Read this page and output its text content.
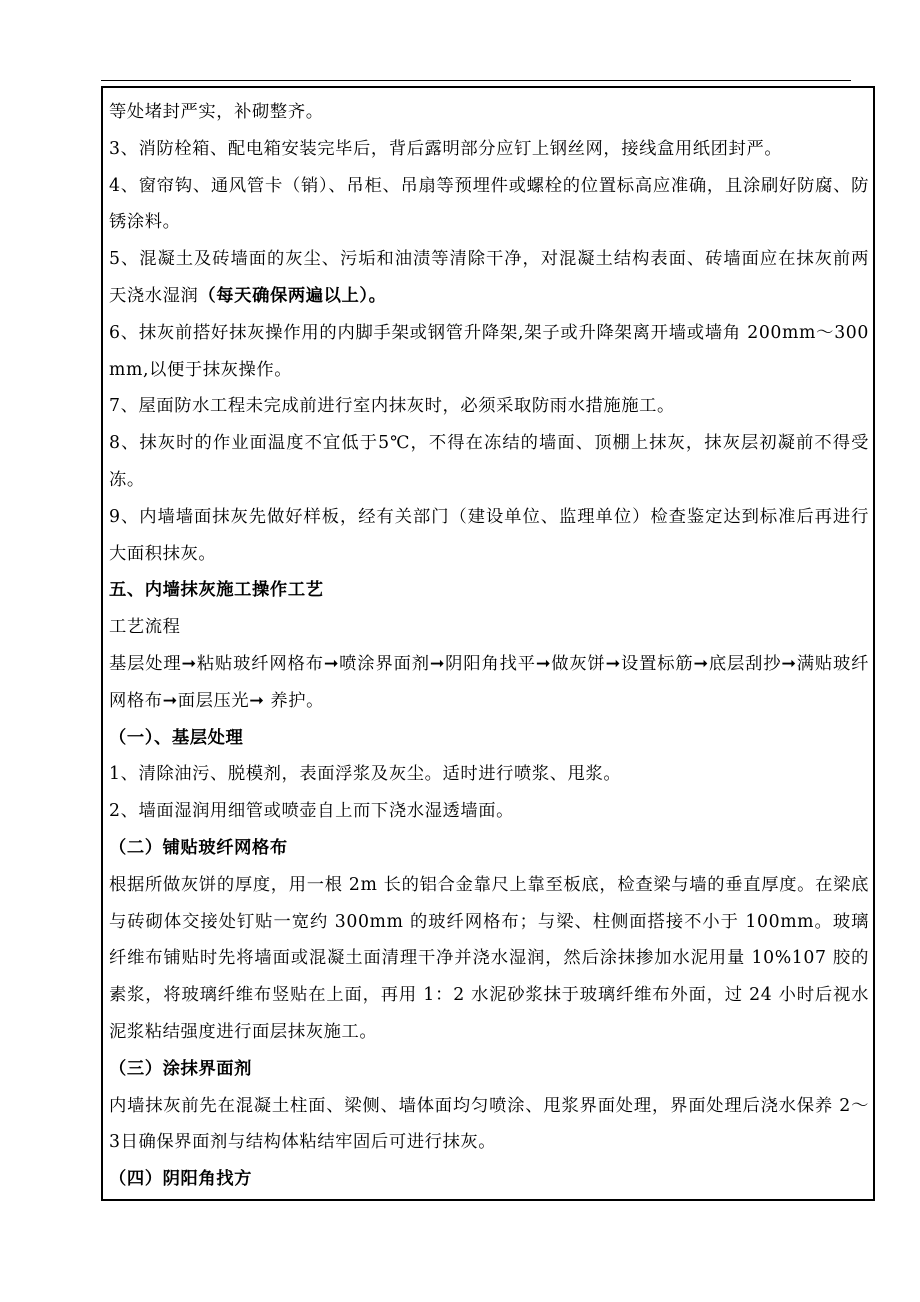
等处堵封严实，补砌整齐。

3、消防栓箱、配电箱安装完毕后，背后露明部分应钉上钢丝网，接线盒用纸团封严。

4、窗帘钩、通风管卡（销）、吊柜、吊扇等预埋件或螺栓的位置标高应准确，且涂刷好防腐、防锈涂料。

5、混凝土及砖墙面的灰尘、污垢和油渍等清除干净，对混凝土结构表面、砖墙面应在抹灰前两天浇水湿润（每天确保两遍以上）。

6、抹灰前搭好抹灰操作用的内脚手架或钢管升降架,架子或升降架离开墙或墙角 200mm～300mm,以便于抹灰操作。

7、屋面防水工程未完成前进行室内抹灰时，必须采取防雨水措施施工。

8、抹灰时的作业面温度不宜低于5℃，不得在冻结的墙面、顶棚上抹灰，抹灰层初凝前不得受冻。

9、内墙墙面抹灰先做好样板，经有关部门（建设单位、监理单位）检查鉴定达到标准后再进行大面积抹灰。

五、内墙抹灰施工操作工艺

工艺流程

基层处理➞粘贴玻纤网格布➞喷涂界面剂➞阴阳角找平➞做灰饼➞设置标筋➞底层刮抄➞满贴玻纤网格布➞面层压光➞ 养护。

（一）、基层处理

1、清除油污、脱模剂，表面浮浆及灰尘。适时进行喷浆、甩浆。

2、墙面湿润用细管或喷壶自上而下浇水湿透墙面。

（二）铺贴玻纤网格布

根据所做灰饼的厚度，用一根 2m 长的铝合金靠尺上靠至板底，检查梁与墙的垂直厚度。在梁底与砖砌体交接处钉贴一宽约 300mm 的玻纤网格布；与梁、柱侧面搭接不小于 100mm。玻璃纤维布铺贴时先将墙面或混凝土面清理干净并浇水湿润，然后涂抹掺加水泥用量 10%107 胶的素浆，将玻璃纤维布竖贴在上面，再用 1：2 水泥砂浆抹于玻璃纤维布外面，过 24 小时后视水泥浆粘结强度进行面层抹灰施工。

（三）涂抹界面剂

内墙抹灰前先在混凝土柱面、梁侧、墙体面均匀喷涂、甩浆界面处理，界面处理后浇水保养 2～3日确保界面剂与结构体粘结牢固后可进行抹灰。

（四）阴阳角找方
